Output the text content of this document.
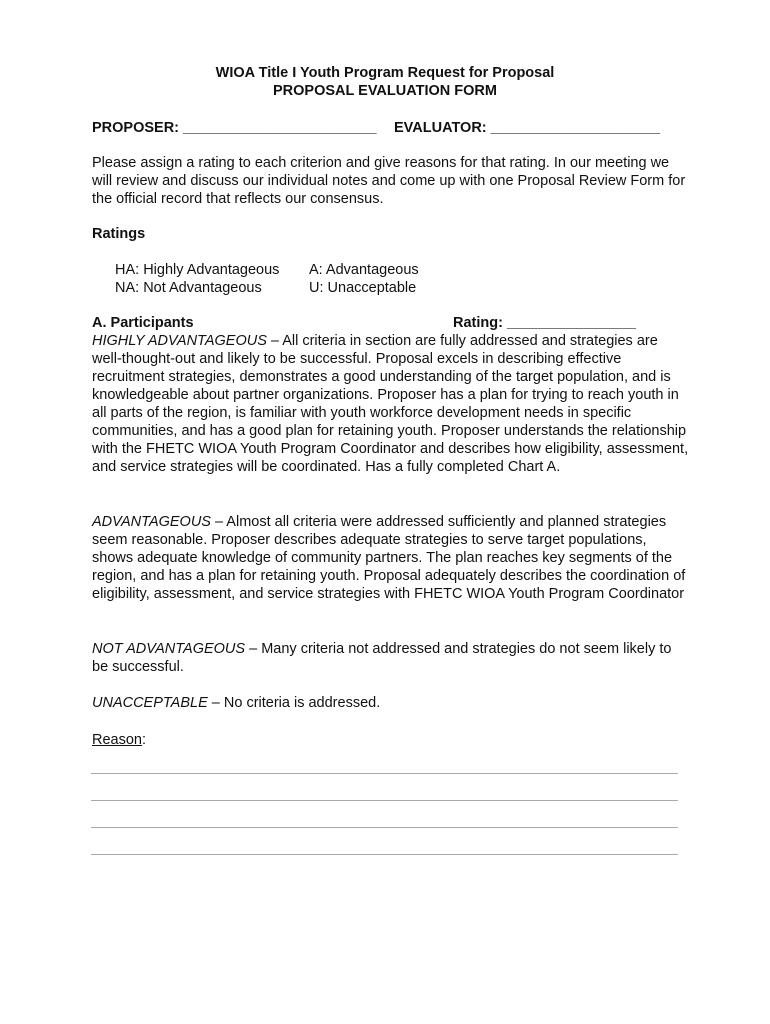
WIOA Title I Youth Program Request for Proposal
PROPOSAL EVALUATION FORM
PROPOSER: ________________________ EVALUATOR: _____________________

Please assign a rating to each criterion and give reasons for that rating. In our meeting we will review and discuss our individual notes and come up with one Proposal Review Form for the official record that reflects our consensus.

Ratings
HA: Highly Advantageous A: Advantageous
NA: Not Advantageous	U: Unacceptable
A. Participants	Rating: ________________

HIGHLY ADVANTAGEOUS – All criteria in section are fully addressed and strategies are well-thought-out and likely to be successful. Proposal excels in describing effective recruitment strategies, demonstrates a good understanding of the target population, and is knowledgeable about partner organizations. Proposer has a plan for trying to reach youth in all parts of the region, is familiar with youth workforce development needs in specific communities, and has a good plan for retaining youth. Proposer understands the relationship with the FHETC WIOA Youth Program Coordinator and describes how eligibility, assessment, and service strategies will be coordinated. Has a fully completed Chart A.

ADVANTAGEOUS – Almost all criteria were addressed sufficiently and planned strategies seem reasonable. Proposer describes adequate strategies to serve target populations, shows adequate knowledge of community partners. The plan reaches key segments of the region, and has a plan for retaining youth. Proposal adequately describes the coordination of eligibility, assessment, and service strategies with FHETC WIOA Youth Program Coordinator

NOT ADVANTAGEOUS – Many criteria not addressed and strategies do not seem likely to be successful.

UNACCEPTABLE – No criteria is addressed.

Reason:
